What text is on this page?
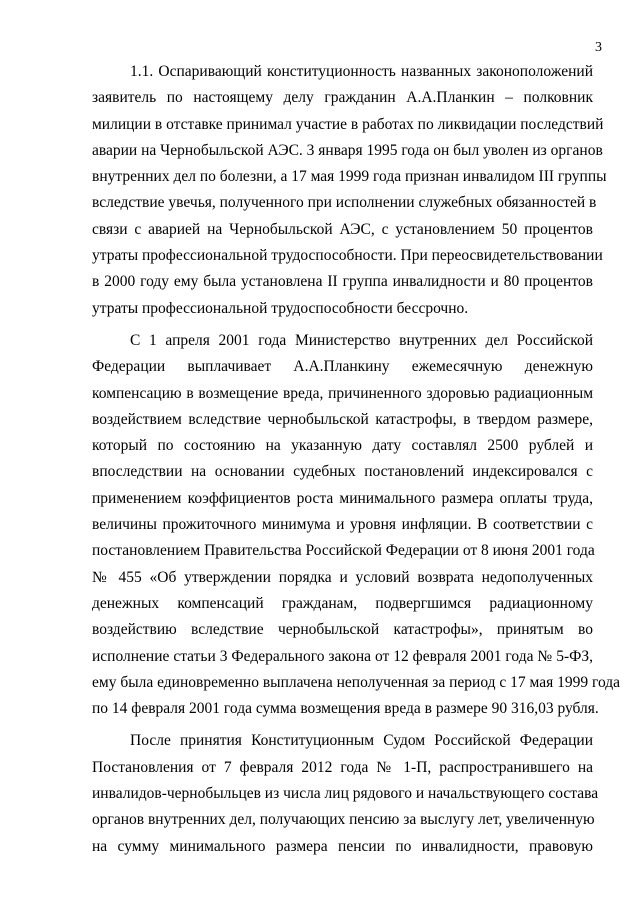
3
1.1. Оспаривающий конституционность названных законоположений
заявитель по настоящему делу гражданин А.А.Планкин – полковник
милиции в отставке принимал участие в работах по ликвидации последствий
аварии на Чернобыльской АЭС. 3 января 1995 года он был уволен из органов
внутренних дел по болезни, а 17 мая 1999 года признан инвалидом III группы
вследствие увечья, полученного при исполнении служебных обязанностей в
связи с аварией на Чернобыльской АЭС, с установлением 50 процентов
утраты профессиональной трудоспособности. При переосвидетельствовании
в 2000 году ему была установлена II группа инвалидности и 80 процентов
утраты профессиональной трудоспособности бессрочно.
С 1 апреля 2001 года Министерство внутренних дел Российской
Федерации выплачивает А.А.Планкину ежемесячную денежную
компенсацию в возмещение вреда, причиненного здоровью радиационным
воздействием вследствие чернобыльской катастрофы, в твердом размере,
который по состоянию на указанную дату составлял 2500 рублей и
впоследствии на основании судебных постановлений индексировался с
применением коэффициентов роста минимального размера оплаты труда,
величины прожиточного минимума и уровня инфляции. В соответствии с
постановлением Правительства Российской Федерации от 8 июня 2001 года
№ 455 «Об утверждении порядка и условий возврата недополученных
денежных компенсаций гражданам, подвергшимся радиационному
воздействию вследствие чернобыльской катастрофы», принятым во
исполнение статьи 3 Федерального закона от 12 февраля 2001 года № 5-ФЗ,
ему была единовременно выплачена неполученная за период с 17 мая 1999 года
по 14 февраля 2001 года сумма возмещения вреда в размере 90 316,03 рубля.
После принятия Конституционным Судом Российской Федерации
Постановления от 7 февраля 2012 года № 1-П, распространившего на
инвалидов-чернобыльцев из числа лиц рядового и начальствующего состава
органов внутренних дел, получающих пенсию за выслугу лет, увеличенную
на сумму минимального размера пенсии по инвалидности, правовую
